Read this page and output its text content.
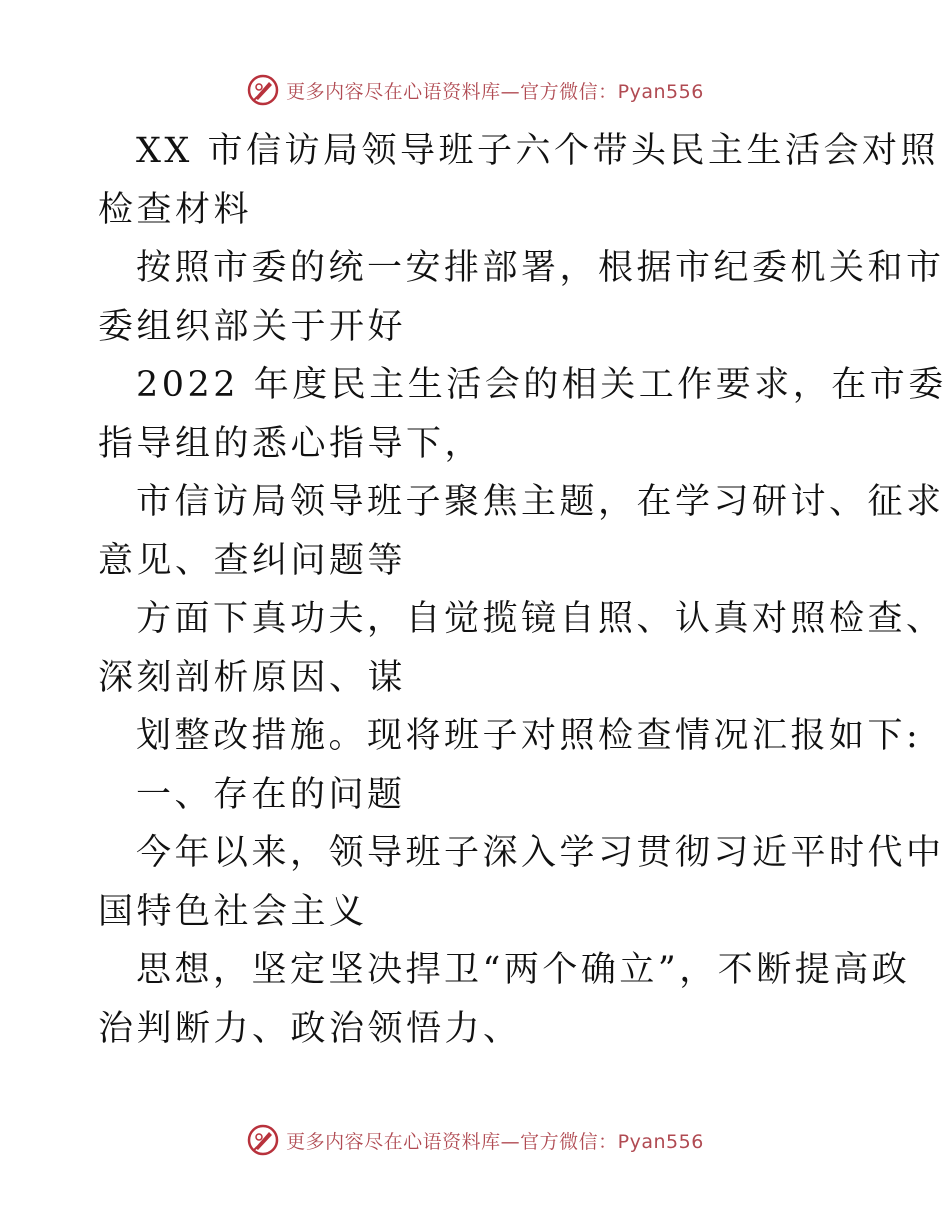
更多内容尽在心语资料库—官方微信：Pyan556
XX 市信访局领导班子六个带头民主生活会对照
检查材料
按照市委的统一安排部署，根据市纪委机关和市
委组织部关于开好
2022 年度民主生活会的相关工作要求，在市委
指导组的悉心指导下，
市信访局领导班子聚焦主题，在学习研讨、征求
意见、查纠问题等
方面下真功夫，自觉揽镜自照、认真对照检查、
深刻剖析原因、谋
划整改措施。现将班子对照检查情况汇报如下:
一、存在的问题
今年以来，领导班子深入学习贯彻习近平时代中
国特色社会主义
思想，坚定坚决捍卫“两个确立”，不断提高政
治判断力、政治领悟力、
更多内容尽在心语资料库—官方微信：Pyan556
